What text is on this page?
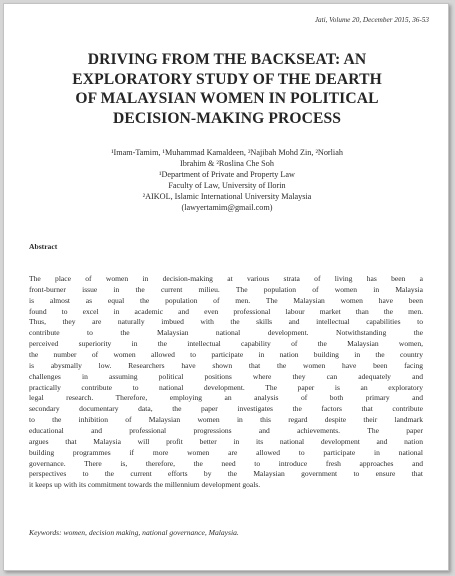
Jati, Volume 20, December 2015, 36-53
DRIVING FROM THE BACKSEAT: AN
EXPLORATORY STUDY OF THE DEARTH
OF MALAYSIAN WOMEN IN POLITICAL
DECISION-MAKING PROCESS
¹Imam-Tamim, ¹Muhammad Kamaldeen, ²Najibah Mohd Zin, ²Norliah
Ibrahim & ²Roslina Che Soh
¹Department of Private and Property Law
Faculty of Law, University of Ilorin
²AIKOL, Islamic International University Malaysia
(lawyertamim@gmail.com)
Abstract
The place of women in decision-making at various strata of living has been a
front-burner issue in the current milieu. The population of women in Malaysia
is almost as equal the population of men. The Malaysian women have been
found to excel in academic and even professional labour market than the men.
Thus, they are naturally imbued with the skills and intellectual capabilities to
contribute to the Malaysian national development. Notwithstanding the
perceived superiority in the intellectual capability of the Malaysian women,
the number of women allowed to participate in nation building in the country
is abysmally low. Researchers have shown that the women have been facing
challenges in assuming political positions where they can adequately and
practically contribute to national development. The paper is an exploratory
legal research. Therefore, employing an analysis of both primary and
secondary documentary data, the paper investigates the factors that contribute
to the inhibition of Malaysian women in this regard despite their landmark
educational and professional progressions and achievements. The paper
argues that Malaysia will profit better in its national development and nation
building programmes if more women are allowed to participate in national
governance. There is, therefore, the need to introduce fresh approaches and
perspectives to the current efforts by the Malaysian government to ensure that
it keeps up with its commitment towards the millennium development goals.
Keywords: women, decision making, national governance, Malaysia.
